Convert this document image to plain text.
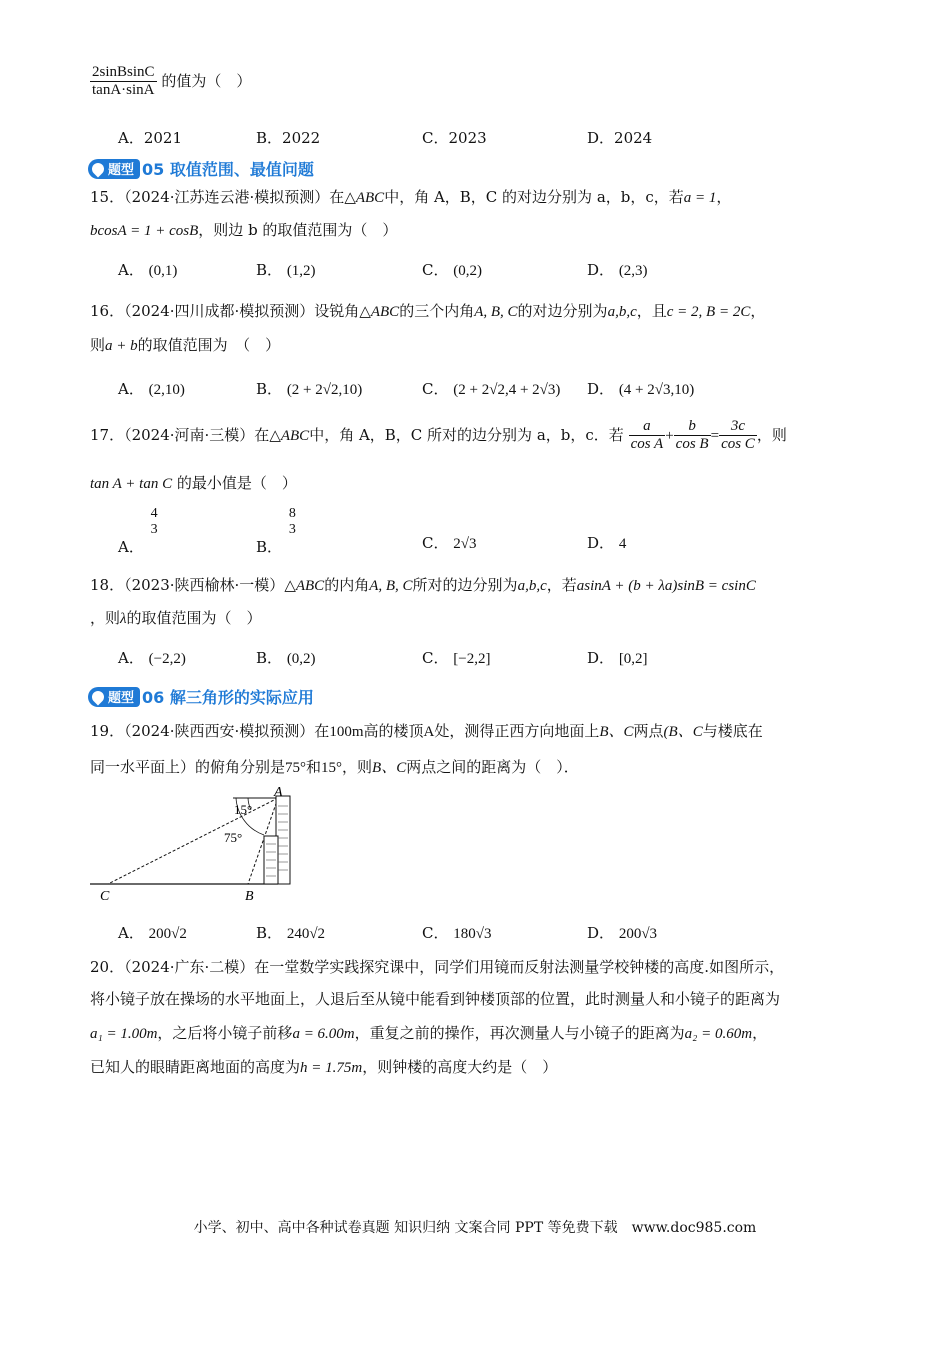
$\frac{\text{2sinBsinC}}{\tan A\cdot\sin A}$ 的值为（　）
A．2021	B．2022	C．2023	D．2024
题型 05 取值范围、最值问题
15．（2024·江苏连云港·模拟预测）在△ABC中，角 A，B，C 的对边分别为 a，b，c，若a = 1，
bcosA = 1 + cosB，则边 b 的取值范围为（　）
A． (0,1)	B． (1,2)	C． (0,2)	D． (2,3)
16．（2024·四川成都·模拟预测）设锐角△ABC的三个内角A, B, C的对边分别为a,b,c，且c = 2, B = 2C，
则a + b的取值范围为　（　）
A． (2,10)	B． (2 + 2√2,10)	C． (2 + 2√2,4 + 2√3) D． (4 + 2√3,10)
17．（2024·河南·三模）在△ABC中，角 A，B，C 所对的边分别为 a，b，c．若 $\frac{a}{\text{cos A}} + \frac{b}{\text{cos B}} = \frac{3c}{\text{cos C}}$ ，则
tan A + tan C 的最小值是（　）
A．
4
3
B．
8
3
C． 2√3	D． 4
18．（2023·陕西榆林·一模）△ABC的内角A, B, C所对的边分别为a,b,c，若asinA + (b + λa)sinB = csinC
，则λ的取值范围为（　）
A． (−2,2)	B． (0,2)	C． [−2,2]	D． [0,2]
题型 06 解三角形的实际应用
19．（2024·陕西西安·模拟预测）在100m高的楼顶A处，测得正西方向地面上B、C两点(B、C与楼底在
同一水平面上）的俯角分别是75°和15°，则B、C两点之间的距离为（　）．
15°
75°
A
B
C
A． 200√2	B． 240√2	C． 180√3	D． 200√3
20．（2024·广东·二模）在一堂数学实践探究课中，同学们用镜而反射法测量学校钟楼的高度.如图所示，
将小镜子放在操场的水平地面上，人退后至从镜中能看到钟楼顶部的位置，此时测量人和小镜子的距离为
a₁ = 1.00m，之后将小镜子前移a = 6.00m，重复之前的操作，再次测量人与小镜子的距离为a₂ = 0.60m，
已知人的眼睛距离地面的高度为h = 1.75m，则钟楼的高度大约是（　）
小学、初中、高中各种试卷真题 知识归纳 文案合同 PPT 等免费下载　www.doc985.com
